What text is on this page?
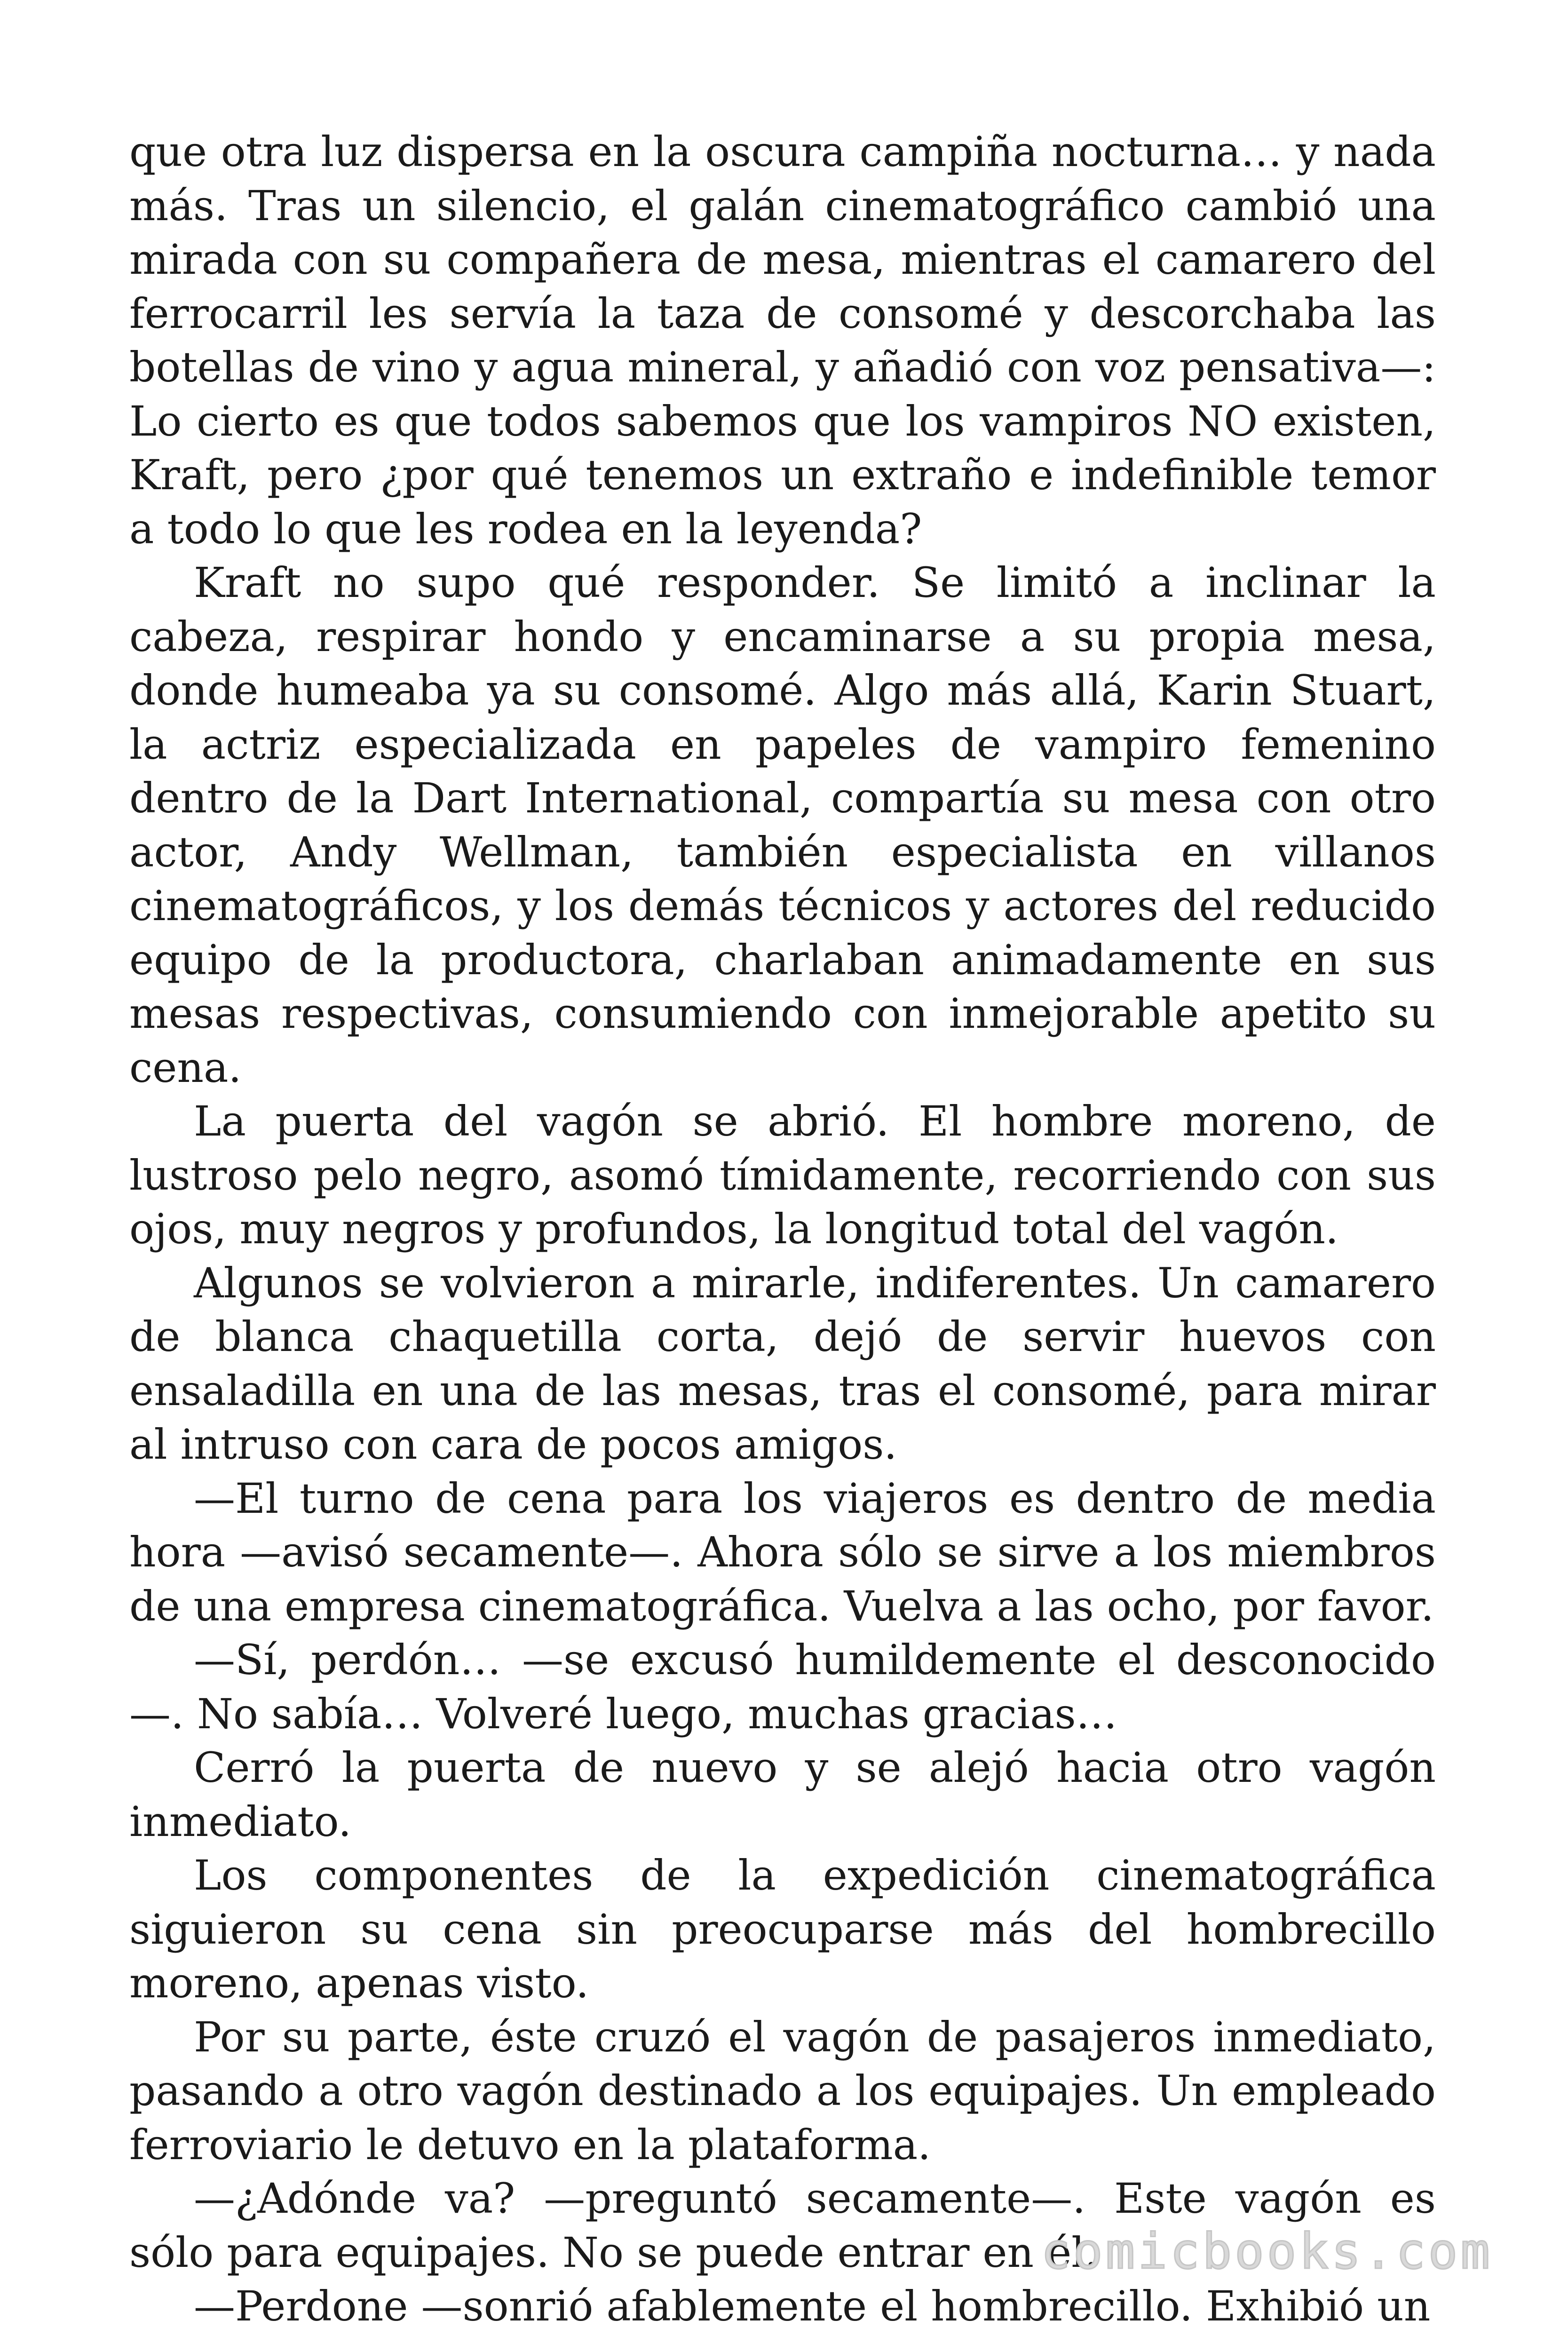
que otra luz dispersa en la oscura campiña nocturna… y nada más. Tras un silencio, el galán cinematográfico cambió una mirada con su compañera de mesa, mientras el camarero del ferrocarril les servía la taza de consomé y descorchaba las botellas de vino y agua mineral, y añadió con voz pensativa—: Lo cierto es que todos sabemos que los vampiros NO existen, Kraft, pero ¿por qué tenemos un extraño e indefinible temor a todo lo que les rodea en la leyenda?

Kraft no supo qué responder. Se limitó a inclinar la cabeza, respirar hondo y encaminarse a su propia mesa, donde humeaba ya su consomé. Algo más allá, Karin Stuart, la actriz especializada en papeles de vampiro femenino dentro de la Dart International, compartía su mesa con otro actor, Andy Wellman, también especialista en villanos cinematográficos, y los demás técnicos y actores del reducido equipo de la productora, charlaban animadamente en sus mesas respectivas, consumiendo con inmejorable apetito su cena.

La puerta del vagón se abrió. El hombre moreno, de lustroso pelo negro, asomó tímidamente, recorriendo con sus ojos, muy negros y profundos, la longitud total del vagón.

Algunos se volvieron a mirarle, indiferentes. Un camarero de blanca chaquetilla corta, dejó de servir huevos con ensaladilla en una de las mesas, tras el consomé, para mirar al intruso con cara de pocos amigos.

—El turno de cena para los viajeros es dentro de media hora —avisó secamente—. Ahora sólo se sirve a los miembros de una empresa cinematográfica. Vuelva a las ocho, por favor.

—Sí, perdón… —se excusó humildemente el desconocido—. No sabía… Volveré luego, muchas gracias…

Cerró la puerta de nuevo y se alejó hacia otro vagón inmediato.

Los componentes de la expedición cinematográfica siguieron su cena sin preocuparse más del hombrecillo moreno, apenas visto.

Por su parte, éste cruzó el vagón de pasajeros inmediato, pasando a otro vagón destinado a los equipajes. Un empleado ferroviario le detuvo en la plataforma.

—¿Adónde va? —preguntó secamente—. Este vagón es sólo para equipajes. No se puede entrar en él.

—Perdone —sonrió afablemente el hombrecillo. Exhibió un

comicbooks.com
